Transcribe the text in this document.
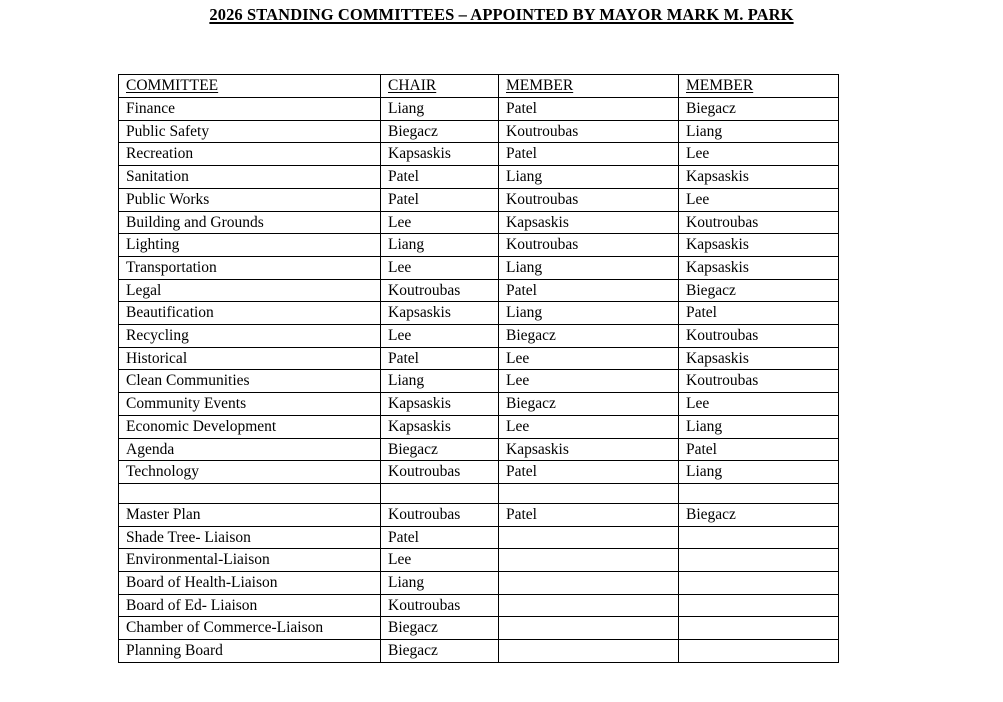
2026 STANDING COMMITTEES – APPOINTED BY MAYOR MARK M. PARK
COMMITTEE	CHAIR	MEMBER	MEMBER
Finance	Liang	Patel	Biegacz
Public Safety	Biegacz	Koutroubas	Liang
Recreation	Kapsaskis	Patel	Lee
Sanitation	Patel	Liang	Kapsaskis
Public Works	Patel	Koutroubas	Lee
Building and Grounds	Lee	Kapsaskis	Koutroubas
Lighting	Liang	Koutroubas	Kapsaskis
Transportation	Lee	Liang	Kapsaskis
Legal	Koutroubas	Patel	Biegacz
Beautification	Kapsaskis	Liang	Patel
Recycling	Lee	Biegacz	Koutroubas
Historical	Patel	Lee	Kapsaskis
Clean Communities	Liang	Lee	Koutroubas
Community Events	Kapsaskis	Biegacz	Lee
Economic Development	Kapsaskis	Lee	Liang
Agenda	Biegacz	Kapsaskis	Patel
Technology	Koutroubas	Patel	Liang

Master Plan	Koutroubas	Patel	Biegacz
Shade Tree- Liaison	Patel		
Environmental-Liaison	Lee		
Board of Health-Liaison	Liang		
Board of Ed- Liaison	Koutroubas		
Chamber of Commerce-Liaison	Biegacz		
Planning Board	Biegacz		
